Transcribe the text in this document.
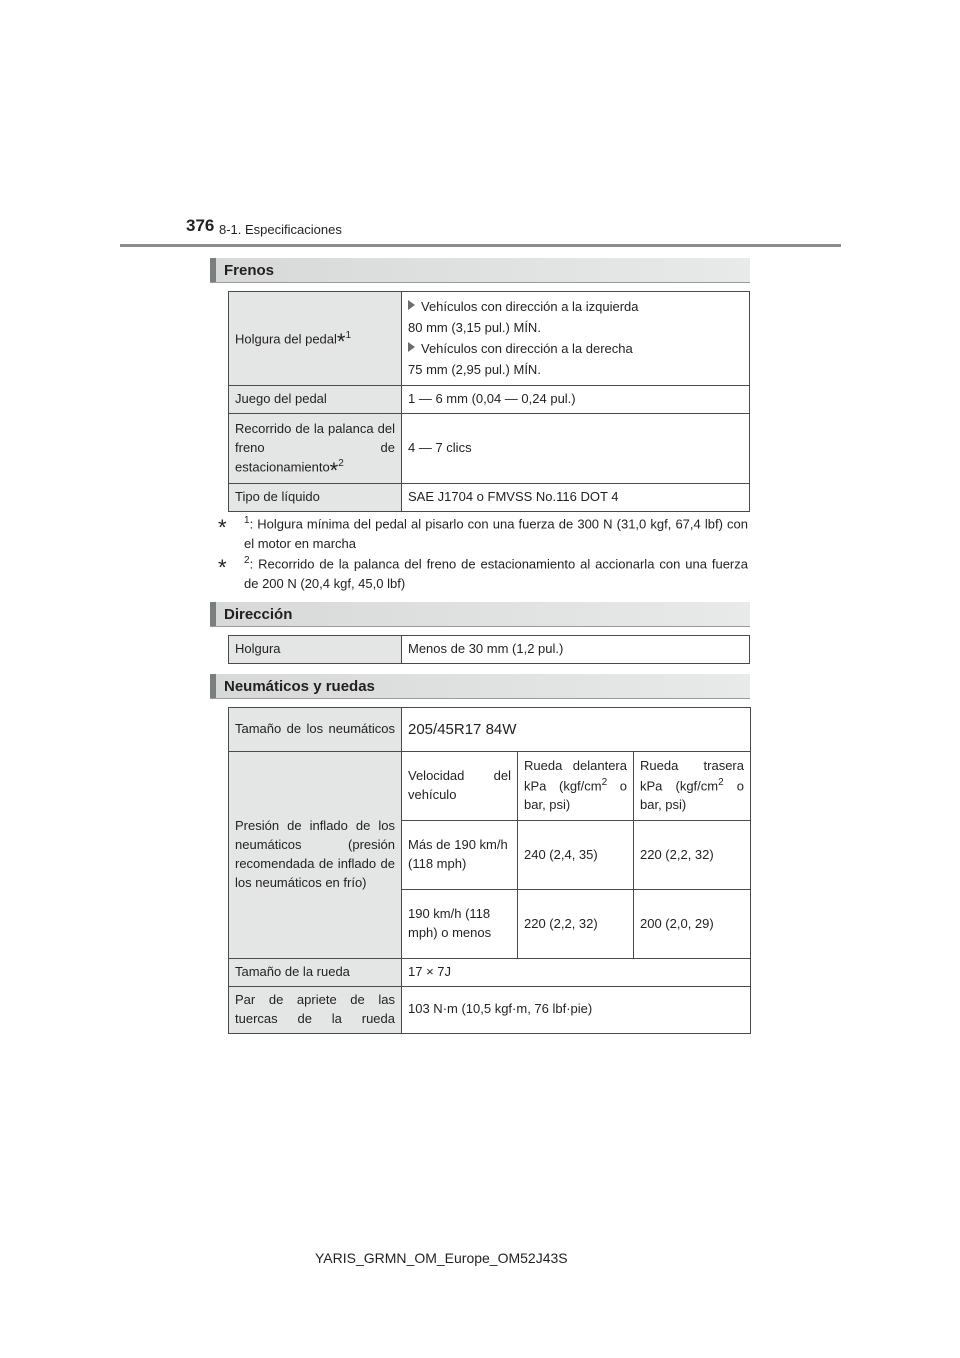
376 8-1. Especificaciones
Frenos
Holgura del pedal*$^1$	Vehículos con dirección a la izquierda
80 mm (3,15 pul.) MÍN.
Vehículos con dirección a la derecha
75 mm (2,95 pul.) MÍN.

Juego del pedal	1 — 6 mm (0,04 — 0,24 pul.)
Recorrido de la palanca del freno de estacionamiento*$^2$	4 — 7 clics
Tipo de líquido	SAE J1704 o FMVSS No.116 DOT 4
*	$^1$: Holgura mínima del pedal al pisarlo con una fuerza de 300 N (31,0 kgf, 67,4 lbf) con el motor en marcha
*	$^2$: Recorrido de la palanca del freno de estacionamiento al accionarla con una fuerza de 200 N (20,4 kgf, 45,0 lbf)
Dirección
Holgura	Menos de 30 mm (1,2 pul.)
Neumáticos y ruedas
Tamaño de los neumáticos	205/45R17 84W		
Presión de inflado de los neumáticos (presión recomendada de inflado de los neumáticos en frío)	Velocidad del vehículo	Rueda delantera kPa ($kgf/cm^2$ o bar, psi)	Rueda trasera kPa ($kgf/cm^2$ o bar, psi)
	Más de 190 km/h (118 mph)	240 (2,4, 35)	220 (2,2, 32)
	190 km/h (118 mph) o menos	220 (2,2, 32)	200 (2,0, 29)
Tamaño de la rueda	17 × 7J		
Par de apriete de las tuercas de la rueda	103 N·m (10,5 kgf·m, 76 lbf·pie)		
YARIS_GRMN_OM_Europe_OM52J43S
